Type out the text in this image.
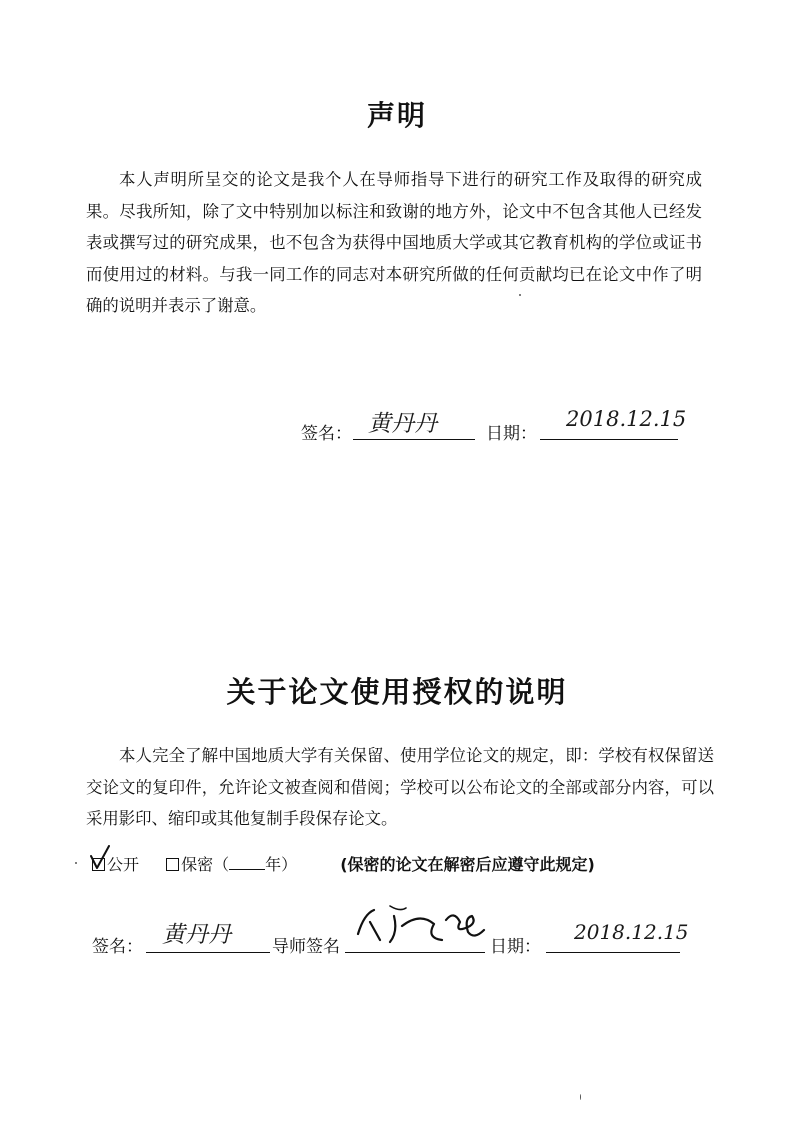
声明

本人声明所呈交的论文是我个人在导师指导下进行的研究工作及取得的研究成果。尽我所知，除了文中特别加以标注和致谢的地方外，论文中不包含其他人已经发表或撰写过的研究成果，也不包含为获得中国地质大学或其它教育机构的学位或证书而使用过的材料。与我一同工作的同志对本研究所做的任何贡献均已在论文中作了明确的说明并表示了谢意。

签名： 黄丹丹	日期：
2018.12.15
关于论文使用授权的说明

本人完全了解中国地质大学有关保留、使用学位论文的规定，即：学校有权保留送交论文的复印件，允许论文被查阅和借阅；学校可以公布论文的全部或部分内容，可以采用影印、缩印或其他复制手段保存论文。

公开	保密（ 年）	(保密的论文在解密后应遵守此规定)
签名： 黄丹丹 导师签名	日期：
2018.12.15
